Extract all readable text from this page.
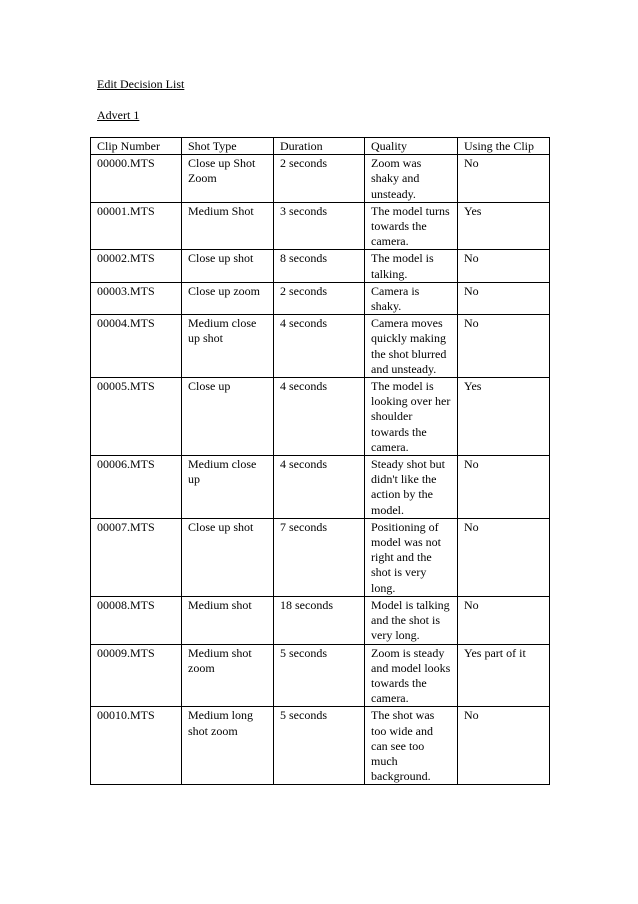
Edit Decision List
Advert 1
Clip Number	Shot Type	Duration	Quality	Using the Clip
00000.MTS	Close up Shot Zoom	2 seconds	Zoom was shaky and unsteady.	No
00001.MTS	Medium Shot	3 seconds	The model turns towards the camera.	Yes
00002.MTS	Close up shot	8 seconds	The model is talking.	No
00003.MTS	Close up zoom	2 seconds	Camera is shaky.	No
00004.MTS	Medium close up shot	4 seconds	Camera moves quickly making the shot blurred and unsteady.	No
00005.MTS	Close up	4 seconds	The model is looking over her shoulder towards the camera.	Yes
00006.MTS	Medium close up	4 seconds	Steady shot but didn't like the action by the model.	No
00007.MTS	Close up shot	7 seconds	Positioning of model was not right and the shot is very long.	No
00008.MTS	Medium shot	18 seconds	Model is talking and the shot is very long.	No
00009.MTS	Medium shot zoom	5 seconds	Zoom is steady and model looks towards the camera.	Yes part of it
00010.MTS	Medium long shot zoom	5 seconds	The shot was too wide and can see too much background.	No
